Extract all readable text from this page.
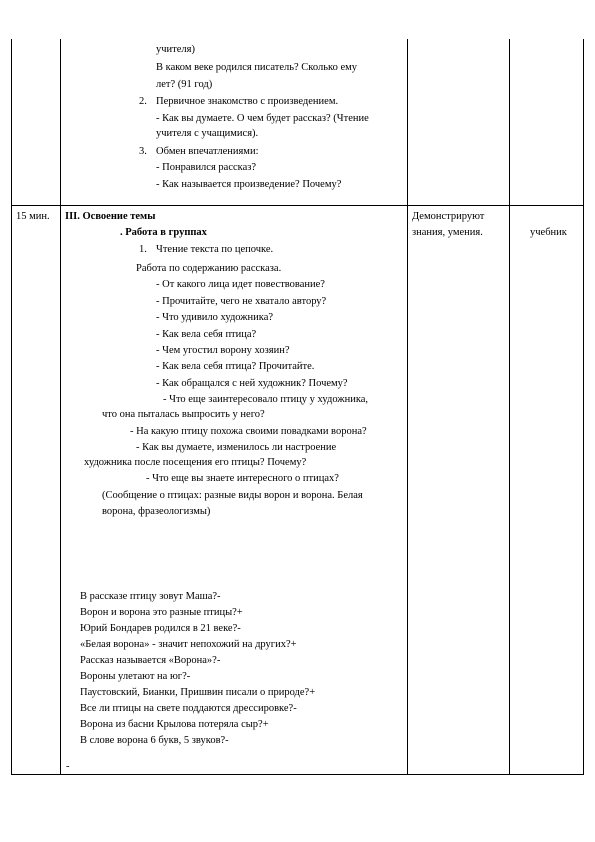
учителя)
В каком веке родился писатель? Сколько ему
лет? (91 год)
2. Первичное знакомство с произведением.
- Как вы думаете. О чем будет рассказ? (Чтение
учителя с учащимися).
3. Обмен впечатлениями:
- Понравился рассказ?
- Как называется произведение? Почему?
15 мин. III. Освоение темы
. Работа в группах
1. Чтение текста по цепочке.
Работа по содержанию рассказа.
- От какого лица идет повествование?
- Прочитайте, чего не хватало автору?
- Что удивило художника?
- Как вела себя птица?
- Чем угостил ворону хозяин?
- Как вела себя птица? Прочитайте.
- Как обращался с ней художник? Почему?
- Что еще заинтересовало птицу у художника,
что она пыталась выпросить у него?
- На какую птицу похожа своими повадками ворона?
- Как вы думаете, изменилось ли настроение
художника после посещения его птицы? Почему?
- Что еще вы знаете интересного о птицах?
(Сообщение о птицах: разные виды ворон и ворона. Белая
ворона, фразеологизмы)
В рассказе птицу зовут Маша?-
Ворон и ворона это разные птицы?+
Юрий Бондарев родился в 21 веке?-
«Белая ворона» - значит непохожий на других?+
Рассказ называется «Ворона»?-
Вороны улетают на юг?-
Паустовский, Бианки, Пришвин писали о природе?+
Все ли птицы на свете поддаются дрессировке?-
Ворона из басни Крылова потеряла сыр?+
В слове ворона 6 букв, 5 звуков?-
-
Демонстрируют
знания, умения.	учебник
